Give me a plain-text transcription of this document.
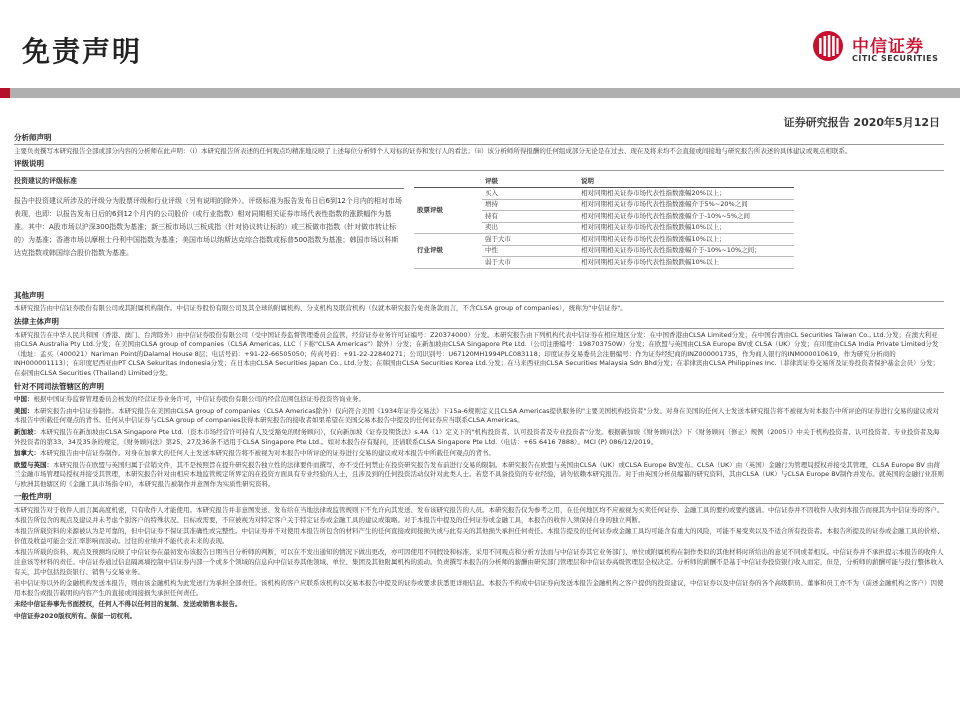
免责声明	中信证券
CITIC SECURITIES
证券研究报告 2020年5月12日
分析师声明

主要负责撰写本研究报告全部或部分内容的分析师在此声明：（i）本研究报告所表述的任何观点均精准地反映了上述每位分析师个人对标的证券和发行人的看法；（ii）该分析师所得报酬的任何组成部分无论是在过去、现在及将来均不会直接或间接地与研究报告所表述的具体建议或观点相联系。

评级说明
投资建议的评级标准
报告中投资建议所涉及的评级分为股票评级和行业评级（另有说明的除外）。评级标准为报告发布日后6到12个月内的相对市场表现，也即：以报告发布日后的6到12个月内的公司股价（或行业指数）相对同期相关证券市场代表性指数的涨跌幅作为基准。其中：A股市场以沪深300指数为基准；新三板市场以三板成指（针对协议转让标的）或三板做市指数（针对做市转让标的）为基准；香港市场以摩根士丹利中国指数为基准；美国市场以纳斯达克综合指数或标普500指数为基准；韩国市场以科斯达克指数或韩国综合股价指数为基准。
	评级	说明
股票评级	买入	相对同期相关证券市场代表性指数涨幅20%以上；
	增持	相对同期相关证券市场代表性指数涨幅介于5%~20%之间
	持有	相对同期相关证券市场代表性指数涨幅介于-10%~5%之间
	卖出	相对同期相关证券市场代表性指数跌幅10%以上；
行业评级	强于大市	相对同期相关证券市场代表性指数涨幅10%以上；
	中性	相对同期相关证券市场代表性指数涨幅介于-10%~10%之间；
	弱于大市	相对同期相关证券市场代表性指数跌幅10%以上
其他声明

本研究报告由中信证券股份有限公司或其附属机构制作。中信证券股份有限公司及其全球的附属机构、分支机构及联营机构（仅就本研究报告免责条款而言，不含CLSA group of companies），统称为"中信证券"。

法律主体声明

本研究报告在中华人民共和国（香港、澳门、台湾除外）由中信证券股份有限公司（受中国证券监督管理委员会监管，经营证券业务许可证编号：Z20374000）分发。本研究报告由下列机构代表中信证券在相应地区分发：在中国香港由CLSA Limited分发；在中国台湾由CL Securities Taiwan Co., Ltd.分发；在澳大利亚由CLSA Australia Pty Ltd.分发；在美国由CLSA group of companies（CLSA Americas, LLC（下称"CLSA Americas"）除外）分发；在新加坡由CLSA Singapore Pte Ltd.（公司注册编号：198703750W）分发；在欧盟与英国由CLSA Europe BV或 CLSA（UK）分发；在印度由CLSA India Private Limited分发（地址：孟买（400021）Nariman Point的Dalamal House 8层；电话号码：+91-22-66505050；传真号码：+91-22-22840271；公司识别号：U67120MH1994PLC083118；印度证券交易委员会注册编号：作为证券经纪商的INZ000001735，作为商人银行的INM000010619，作为研究分析商的INH000001113）；在印度尼西亚由PT CLSA Sekuritas Indonesia分发；在日本由CLSA Securities Japan Co., Ltd.分发；在韩国由CLSA Securities Korea Ltd.分发；在马来西亚由CLSA Securities Malaysia Sdn Bhd分发；在菲律宾由CLSA Philippines Inc.（菲律宾证券交易所及证券投资者保护基金会员）分发；在泰国由CLSA Securities (Thailand) Limited分发。

针对不同司法管辖区的声明

中国：根据中国证券监督管理委员会核发的经营证券业务许可，中信证券股份有限公司的经营范围包括证券投资咨询业务。

美国：本研究报告由中信证券制作。本研究报告在美国由CLSA group of companies（CLSA Americas除外）仅向符合美国《1934年证券交易法》下15a-6规则定义且CLSA Americas提供服务的"主要美国机构投资者"分发。对身在美国的任何人士发送本研究报告将不被视为对本报告中所评论的证券进行交易的建议或对本报告中所载任何观点的背书。任何从中信证券与CLSA group of companies获得本研究报告的接收者如果希望在美国交易本报告中提及的任何证券应当联系CLSA Americas。

新加坡：本研究报告在新加坡由CLSA Singapore Pte Ltd.（资本市场经营许可持有人及受豁免的财务顾问），仅向新加坡《证券及期货法》s.4A（1）定义下的"机构投资者、认可投资者及专业投资者"分发。根据新加坡《财务顾问法》下《财务顾问（修正）规例（2005）》中关于机构投资者、认可投资者、专业投资者及海外投资者的第33、34及35条的规定，《财务顾问法》第25、27及36条不适用于CLSA Singapore Pte Ltd.。如对本报告存有疑问，还请联系CLSA Singapore Pte Ltd.（电话：+65 6416 7888）。MCI (P) 086/12/2019。

加拿大：本研究报告由中信证券制作。对身在加拿大的任何人士发送本研究报告将不被视为对本报告中所评论的证券进行交易的建议或对本报告中所载任何观点的背书。

欧盟与英国：本研究报告在欧盟与英国归属于营销文件，其不是按照旨在提升研究报告独立性的法律要件而撰写，亦不受任何禁止在投资研究报告发布前进行交易的限制。本研究报告在欧盟与英国由CLSA（UK）或CLSA Europe BV发布。CLSA（UK）由（英国）金融行为管理局授权并接受其管理，CLSA Europe BV 由荷兰金融市场管理局授权并接受其管理，本研究报告针对由相应本地监管规定所界定的在投资方面具有专业经验的人士，且涉及到的任何投资活动仅针对此类人士。若您不具备投资的专业经验，请勿依赖本研究报告。对于由英国分析员编纂的研究资料，其由CLSA（UK）与CLSA Europe BV制作并发布。就英国的金融行业准则与欧洲其他辖区的《金融工具市场指令II》，本研究报告被制作并意图作为实质性研究资料。

一般性声明

本研究报告对于收件人而言属高度机密，只有收件人才能使用。本研究报告并非意图发送、发布给在当地法律或监管规则下不允许向其发送、发布该研究报告的人员。本研究报告仅为参考之用，在任何地区均不应被视为买卖任何证券、金融工具的要约或要约邀请。中信证券并不因收件人收到本报告而视其为中信证券的客户。本报告所包含的观点及建议并未考虑个别客户的特殊状况、目标或需要，不应被视为对特定客户关于特定证券或金融工具的建议或策略。对于本报告中提及的任何证券或金融工具，本报告的收件人须保持自身的独立判断。

本报告所载资料的来源被认为是可靠的，但中信证券不保证其准确性或完整性。中信证券并不对使用本报告所包含的材料产生的任何直接或间接损失或与此有关的其他损失承担任何责任。本报告提及的任何证券或金融工具均可能含有重大的风险，可能不易变卖以及不适合所有投资者。本报告所提及的证券或金融工具的价格、价值及收益可能会受汇率影响而波动。过往的业绩并不能代表未来的表现。

本报告所载的资料、观点及预测均反映了中信证券在最初发布该报告日期当日分析师的判断，可以在不发出通知的情况下做出更改，亦可因使用不同假设和标准、采用不同观点和分析方法而与中信证券其它业务部门、单位或附属机构在制作类似的其他材料时所给出的意见不同或者相反。中信证券并不承担提示本报告的收件人注意该等材料的责任。中信证券通过信息隔离墙控制中信证券内部一个或多个领域的信息向中信证券其他领域、单位、集团及其他附属机构的流动。负责撰写本报告的分析师的薪酬由研究部门管理层和中信证券高级管理层全权决定。分析师的薪酬不是基于中信证券投资银行收入而定，但是，分析师的薪酬可能与投行整体收入有关，其中包括投资银行、销售与交易业务。

若中信证券以外的金融机构发送本报告，则由该金融机构为此发送行为承担全部责任。该机构的客户应联系该机构以交易本报告中提及的证券或要求获悉更详细信息。本报告不构成中信证券向发送本报告金融机构之客户提供的投资建议，中信证券以及中信证券的各个高级职员、董事和员工亦不为（前述金融机构之客户）因使用本报告或报告载明的内容产生的直接或间接损失承担任何责任。

未经中信证券事先书面授权，任何人不得以任何目的复制、发送或销售本报告。

中信证券2020版权所有。保留一切权利。
